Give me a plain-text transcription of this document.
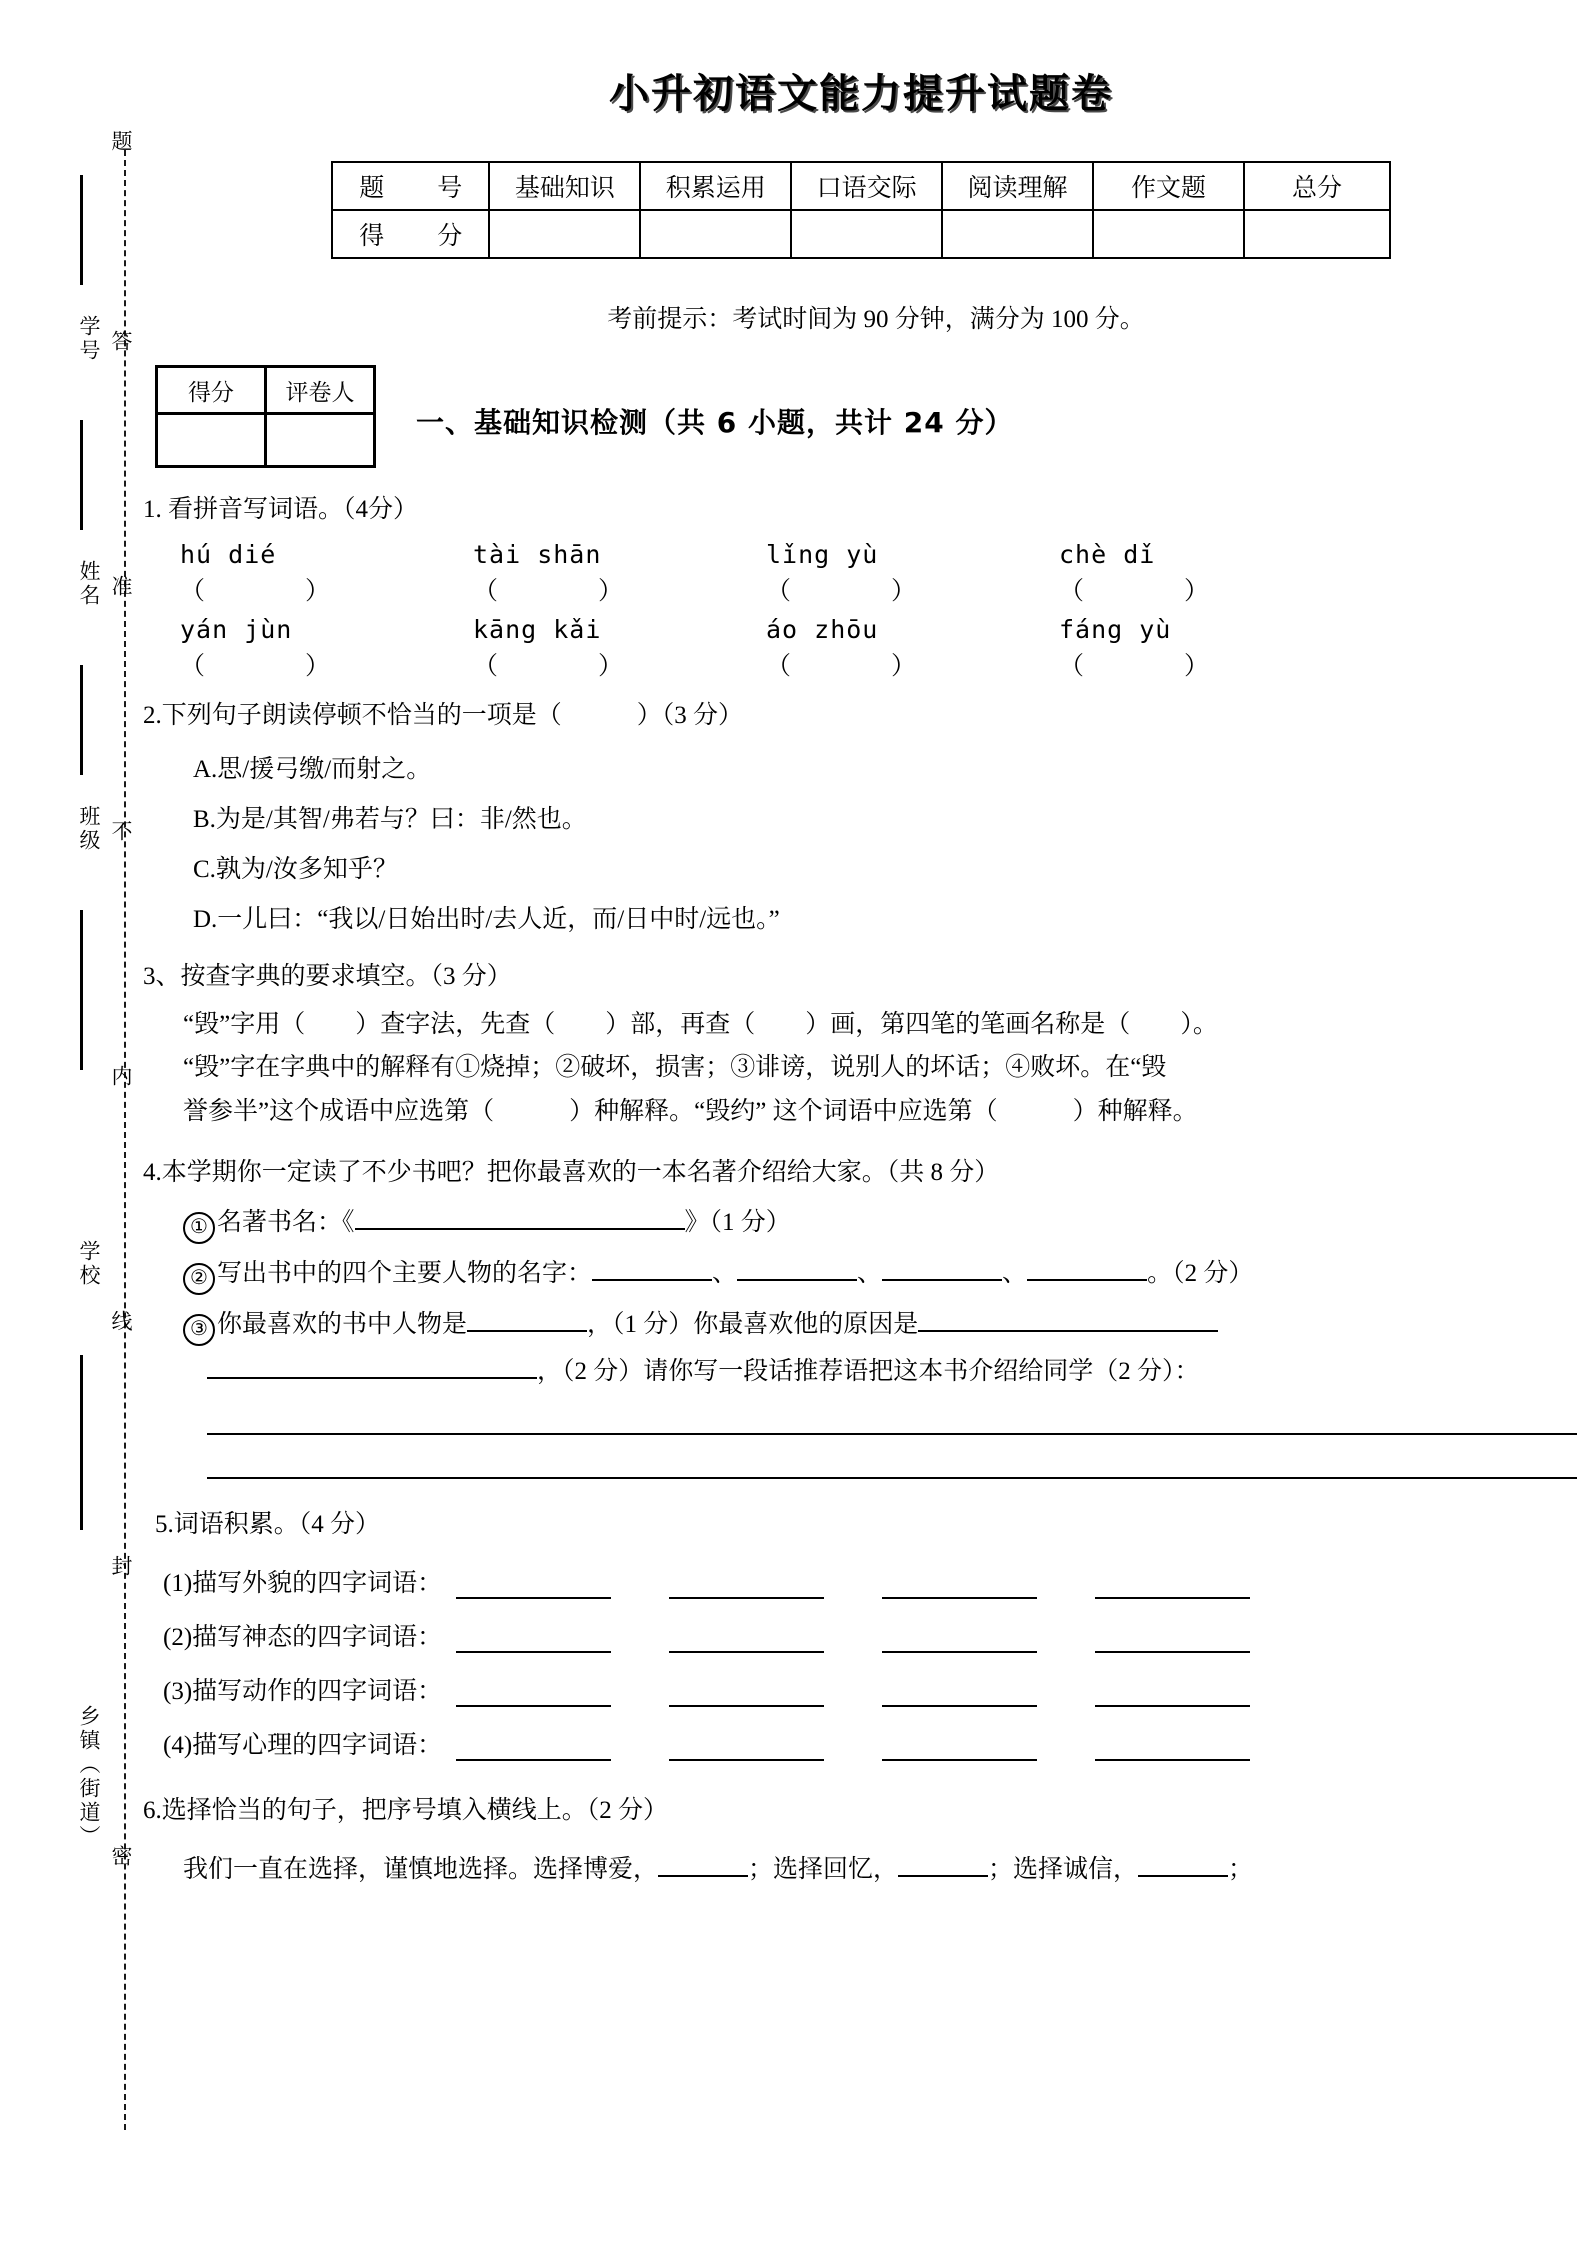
学号
姓名
班级
学校
乡镇（街道）
题
答
准
不
内
线
封
密
小升初语文能力提升试题卷
题　号	基础知识	积累运用	口语交际	阅读理解	作文题	总分
得　分						
考前提示：考试时间为 90 分钟，满分为 100 分。
得分	评卷人

一、基础知识检测（共 6 小题，共计 24 分）
1. 看拼音写词语。（4分）
hú dié	tài shān	lǐng yù	chè dǐ
（　　　　）	（　　　　）	（　　　　）	（　　　　）
yán jùn	kāng kǎi	áo zhōu	fáng yù
（　　　　）	（　　　　）	（　　　　）	（　　　　）
2.下列句子朗读停顿不恰当的一项是（　　　）（3 分）
A.思/援弓缴/而射之。
B.为是/其智/弗若与？曰：非/然也。
C.孰为/汝多知乎？
D.一儿曰：“我以/日始出时/去人近，而/日中时/远也。”
3、按查字典的要求填空。（3 分）
“毁”字用（　　 ）查字法，先查（　　 ）部，再查（　　 ）画，第四笔的笔画名称是（　　 ）。
“毁”字在字典中的解释有①烧掉；②破坏，损害；③诽谤，说别人的坏话；④败坏。在“毁
誉参半”这个成语中应选第（　　　	）种解释。“毁约” 这个词语中应选第（　　　	）种解释。
4.本学期你一定读了不少书吧？把你最喜欢的一本名著介绍给大家。（共 8 分）
① 名著书名：《	》（1 分）
② 写出书中的四个主要人物的名字：	、	、	、	。（2 分）
③ 你最喜欢的书中人物是	，（1 分）你最喜欢他的原因是
，（2 分）请你写一段话推荐语把这本书介绍给同学（2 分）：
5.词语积累。（4 分）
(1)描写外貌的四字词语：
(2)描写神态的四字词语：
(3)描写动作的四字词语：
(4)描写心理的四字词语：
6.选择恰当的句子，把序号填入横线上。（2 分）
我们一直在选择，谨慎地选择。选择博爱，	；选择回忆，	；选择诚信，	；
